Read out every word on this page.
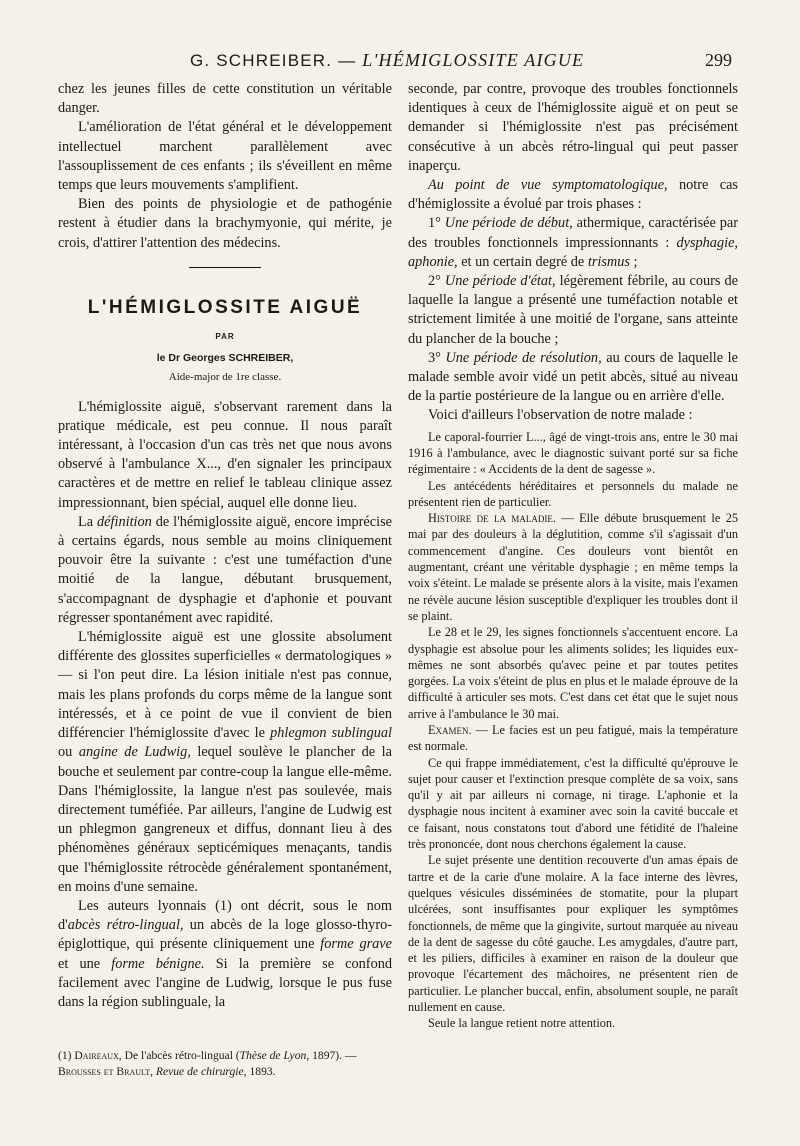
G. SCHREIBER. — L'HÉMIGLOSSITE AIGUE	299

chez les jeunes filles de cette constitution un véritable danger.

L'amélioration de l'état général et le développement intellectuel marchent parallèlement avec l'assouplissement de ces enfants ; ils s'éveillent en même temps que leurs mouvements s'amplifient.

Bien des points de physiologie et de pathogénie restent à étudier dans la brachymyonie, qui mérite, je crois, d'attirer l'attention des médecins.

L'HÉMIGLOSSITE AIGUË
PAR
le Dr Georges SCHREIBER,
Aide-major de 1re classe.

L'hémiglossite aiguë, s'observant rarement dans la pratique médicale, est peu connue. Il nous paraît intéressant, à l'occasion d'un cas très net que nous avons observé à l'ambulance X..., d'en signaler les principaux caractères et de mettre en relief le tableau clinique assez impressionnant, bien spécial, auquel elle donne lieu.

La définition de l'hémiglossite aiguë, encore imprécise à certains égards, nous semble au moins cliniquement pouvoir être la suivante : c'est une tuméfaction d'une moitié de la langue, débutant brusquement, s'accompagnant de dysphagie et d'aphonie et pouvant régresser spontanément avec rapidité.

L'hémiglossite aiguë est une glossite absolument différente des glossites superficielles « dermatologiques » — si l'on peut dire. La lésion initiale n'est pas connue, mais les plans profonds du corps même de la langue sont intéressés, et à ce point de vue il convient de bien différencier l'hémiglossite d'avec le phlegmon sublingual ou angine de Ludwig, lequel soulève le plancher de la bouche et seulement par contre-coup la langue elle-même. Dans l'hémiglossite, la langue n'est pas soulevée, mais directement tuméfiée. Par ailleurs, l'angine de Ludwig est un phlegmon gangreneux et diffus, donnant lieu à des phénomènes généraux septicémiques menaçants, tandis que l'hémiglossite rétrocède généralement spontanément, en moins d'une semaine.

Les auteurs lyonnais (1) ont décrit, sous le nom d'abcès rétro-lingual, un abcès de la loge glosso-thyro-épiglottique, qui présente cliniquement une forme grave et une forme bénigne. Si la première se confond facilement avec l'angine de Ludwig, lorsque le pus fuse dans la région sublinguale, la

(1) Daireaux, De l'abcès rétro-lingual (Thèse de Lyon, 1897). — Brousses et Brault, Revue de chirurgie, 1893.

seconde, par contre, provoque des troubles fonctionnels identiques à ceux de l'hémiglossite aiguë et on peut se demander si l'hémiglossite n'est pas précisément consécutive à un abcès rétro-lingual qui peut passer inaperçu.

Au point de vue symptomatologique, notre cas d'hémiglossite a évolué par trois phases :

1° Une période de début, athermique, caractérisée par des troubles fonctionnels impressionnants : dysphagie, aphonie, et un certain degré de trismus ;

2° Une période d'état, légèrement fébrile, au cours de laquelle la langue a présenté une tuméfaction notable et strictement limitée à une moitié de l'organe, sans atteinte du plancher de la bouche ;

3° Une période de résolution, au cours de laquelle le malade semble avoir vidé un petit abcès, situé au niveau de la partie postérieure de la langue ou en arrière d'elle.

Voici d'ailleurs l'observation de notre malade :

Le caporal-fourrier L..., âgé de vingt-trois ans, entre le 30 mai 1916 à l'ambulance, avec le diagnostic suivant porté sur sa fiche régimentaire : « Accidents de la dent de sagesse ».

Les antécédents héréditaires et personnels du malade ne présentent rien de particulier.

Histoire de la maladie. — Elle débute brusquement le 25 mai par des douleurs à la déglutition, comme s'il s'agissait d'un commencement d'angine. Ces douleurs vont bientôt en augmentant, créant une véritable dysphagie ; en même temps la voix s'éteint. Le malade se présente alors à la visite, mais l'examen ne révèle aucune lésion susceptible d'expliquer les troubles dont il se plaint.

Le 28 et le 29, les signes fonctionnels s'accentuent encore. La dysphagie est absolue pour les aliments solides; les liquides eux-mêmes ne sont absorbés qu'avec peine et par toutes petites gorgées. La voix s'éteint de plus en plus et le malade éprouve de la difficulté à articuler ses mots. C'est dans cet état que le sujet nous arrive à l'ambulance le 30 mai.

Examen. — Le facies est un peu fatigué, mais la température est normale.

Ce qui frappe immédiatement, c'est la difficulté qu'éprouve le sujet pour causer et l'extinction presque complète de sa voix, sans qu'il y ait par ailleurs ni cornage, ni tirage. L'aphonie et la dysphagie nous incitent à examiner avec soin la cavité buccale et ce faisant, nous constatons tout d'abord une fétidité de l'haleine très prononcée, dont nous cherchons également la cause.

Le sujet présente une dentition recouverte d'un amas épais de tartre et de la carie d'une molaire. A la face interne des lèvres, quelques vésicules disséminées de stomatite, pour la plupart ulcérées, sont insuffisantes pour expliquer les symptômes fonctionnels, de même que la gingivite, surtout marquée au niveau de la dent de sagesse du côté gauche. Les amygdales, d'autre part, et les piliers, difficiles à examiner en raison de la douleur que provoque l'écartement des mâchoires, ne présentent rien de particulier. Le plancher buccal, enfin, absolument souple, ne paraît nullement en cause.

Seule la langue retient notre attention.
